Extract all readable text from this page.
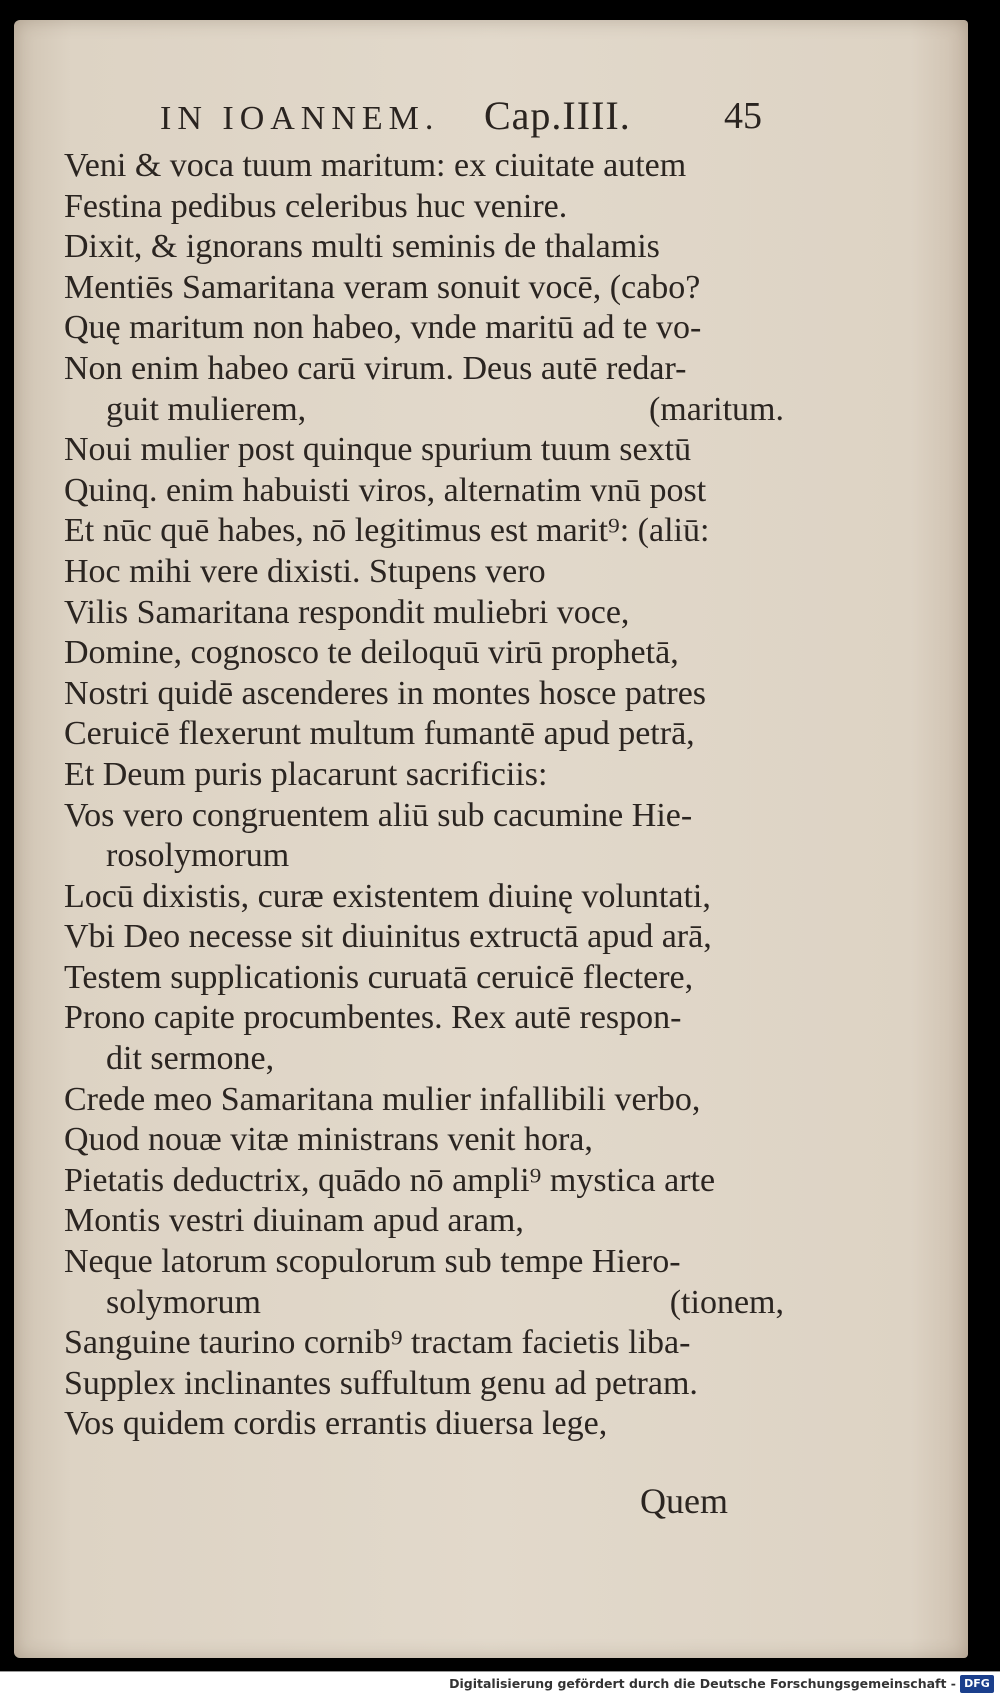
IN IOANNEM. Cap.IIII. 45
Veni & voca tuum maritum: ex ciuitate autem
Festina pedibus celeribus huc venire.
Dixit, & ignorans multi seminis de thalamis
Mentiēs Samaritana veram sonuit vocē, (cabo?
Quę maritum non habeo, vnde maritū ad te vo-
Non enim habeo carū virum. Deus autē redar-
guit mulierem,	(maritum.
Noui mulier post quinque spurium tuum sextū
Quinq. enim habuisti viros, alternatim vnū post
Et nūc quē habes, nō legitimus est marit⁹: (aliū:
Hoc mihi vere dixisti. Stupens vero
Vilis Samaritana respondit muliebri voce,
Domine, cognosco te deiloquū virū prophetā,
Nostri quidē ascenderes in montes hosce patres
Ceruicē flexerunt multum fumantē apud petrā,
Et Deum puris placarunt sacrificiis:
Vos vero congruentem aliū sub cacumine Hie-
rosolymorum
Locū dixistis, curæ existentem diuinę voluntati,
Vbi Deo necesse sit diuinitus extructā apud arā,
Testem supplicationis curuatā ceruicē flectere,
Prono capite procumbentes. Rex autē respon-
dit sermone,
Crede meo Samaritana mulier infallibili verbo,
Quod nouæ vitæ ministrans venit hora,
Pietatis deductrix, quādo nō ampli⁹ mystica arte
Montis vestri diuinam apud aram,
Neque latorum scopulorum sub tempe Hiero-
solymorum	(tionem,
Sanguine taurino cornib⁹ tractam facietis liba-
Supplex inclinantes suffultum genu ad petram.
Vos quidem cordis errantis diuersa lege,
Quem
Digitalisierung gefördert durch die Deutsche Forschungsgemeinschaft - DFG
